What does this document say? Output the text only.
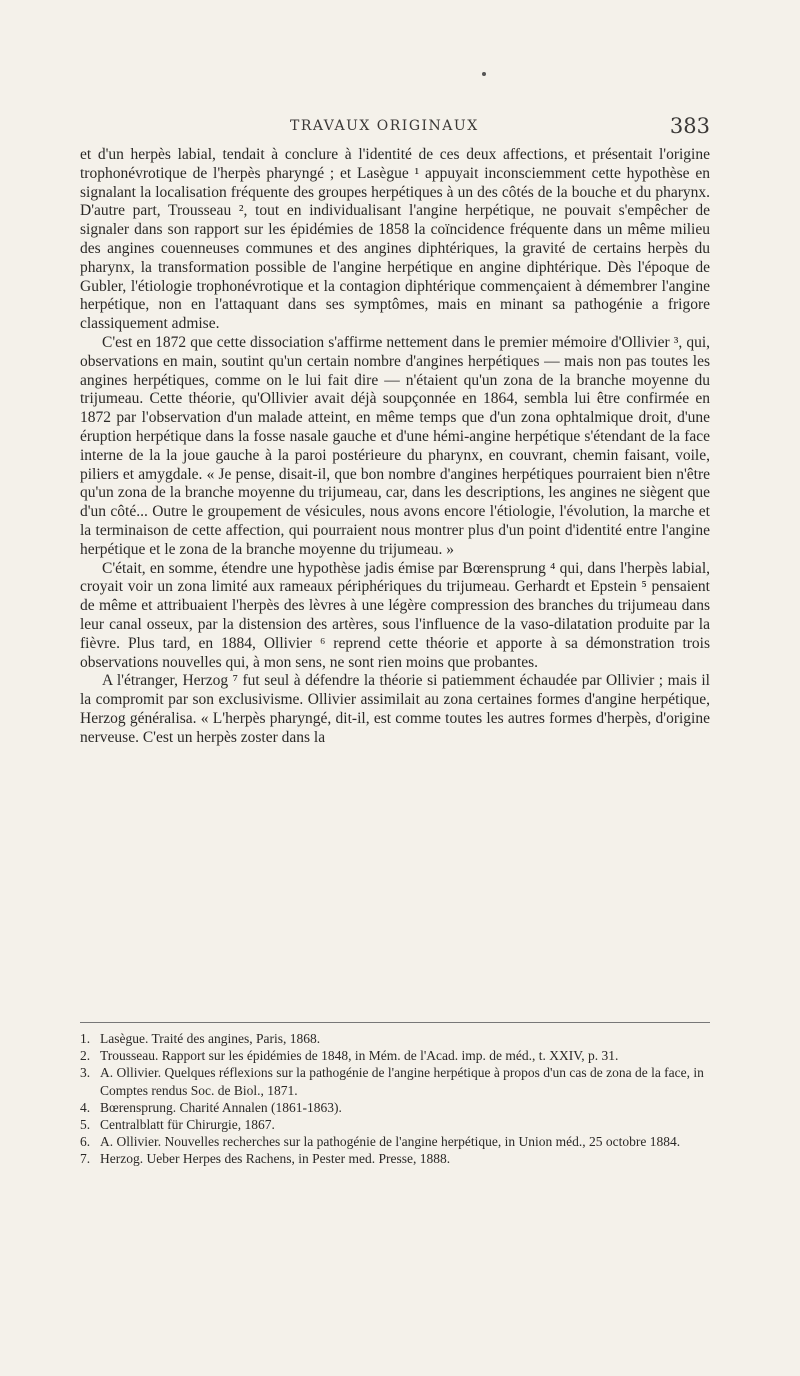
TRAVAUX ORIGINAUX	383

et d'un herpès labial, tendait à conclure à l'identité de ces deux affections, et présentait l'origine trophonévrotique de l'herpès pharyngé ; et Lasègue ¹ appuyait inconsciemment cette hypothèse en signalant la localisation fréquente des groupes herpétiques à un des côtés de la bouche et du pharynx. D'autre part, Trousseau ², tout en individualisant l'angine herpétique, ne pouvait s'empêcher de signaler dans son rapport sur les épidémies de 1858 la coïncidence fréquente dans un même milieu des angines couenneuses communes et des angines diphtériques, la gravité de certains herpès du pharynx, la transformation possible de l'angine herpétique en angine diphtérique. Dès l'époque de Gubler, l'étiologie trophonévrotique et la contagion diphtérique commençaient à démembrer l'angine herpétique, non en l'attaquant dans ses symptômes, mais en minant sa pathogénie a frigore classiquement admise.

C'est en 1872 que cette dissociation s'affirme nettement dans le premier mémoire d'Ollivier ³, qui, observations en main, soutint qu'un certain nombre d'angines herpétiques — mais non pas toutes les angines herpétiques, comme on le lui fait dire — n'étaient qu'un zona de la branche moyenne du trijumeau. Cette théorie, qu'Ollivier avait déjà soupçonnée en 1864, sembla lui être confirmée en 1872 par l'observation d'un malade atteint, en même temps que d'un zona ophtalmique droit, d'une éruption herpétique dans la fosse nasale gauche et d'une hémi-angine herpétique s'étendant de la face interne de la la joue gauche à la paroi postérieure du pharynx, en couvrant, chemin faisant, voile, piliers et amygdale. « Je pense, disait-il, que bon nombre d'angines herpétiques pourraient bien n'être qu'un zona de la branche moyenne du trijumeau, car, dans les descriptions, les angines ne siègent que d'un côté... Outre le groupement de vésicules, nous avons encore l'étiologie, l'évolution, la marche et la terminaison de cette affection, qui pourraient nous montrer plus d'un point d'identité entre l'angine herpétique et le zona de la branche moyenne du trijumeau. »

C'était, en somme, étendre une hypothèse jadis émise par Bœrensprung ⁴ qui, dans l'herpès labial, croyait voir un zona limité aux rameaux périphériques du trijumeau. Gerhardt et Epstein ⁵ pensaient de même et attribuaient l'herpès des lèvres à une légère compression des branches du trijumeau dans leur canal osseux, par la distension des artères, sous l'influence de la vaso-dilatation produite par la fièvre. Plus tard, en 1884, Ollivier ⁶ reprend cette théorie et apporte à sa démonstration trois observations nouvelles qui, à mon sens, ne sont rien moins que probantes.

A l'étranger, Herzog ⁷ fut seul à défendre la théorie si patiemment échaudée par Ollivier ; mais il la compromit par son exclusivisme. Ollivier assimilait au zona certaines formes d'angine herpétique, Herzog généralisa. « L'herpès pharyngé, dit-il, est comme toutes les autres formes d'herpès, d'origine nerveuse. C'est un herpès zoster dans la

1. Lasègue. Traité des angines, Paris, 1868.

2. Trousseau. Rapport sur les épidémies de 1848, in Mém. de l'Acad. imp. de méd., t. XXIV, p. 31.

3. A. Ollivier. Quelques réflexions sur la pathogénie de l'angine herpétique à propos d'un cas de zona de la face, in Comptes rendus Soc. de Biol., 1871.

4. Bœrensprung. Charité Annalen (1861-1863).

5. Centralblatt für Chirurgie, 1867.

6. A. Ollivier. Nouvelles recherches sur la pathogénie de l'angine herpétique, in Union méd., 25 octobre 1884.

7. Herzog. Ueber Herpes des Rachens, in Pester med. Presse, 1888.
